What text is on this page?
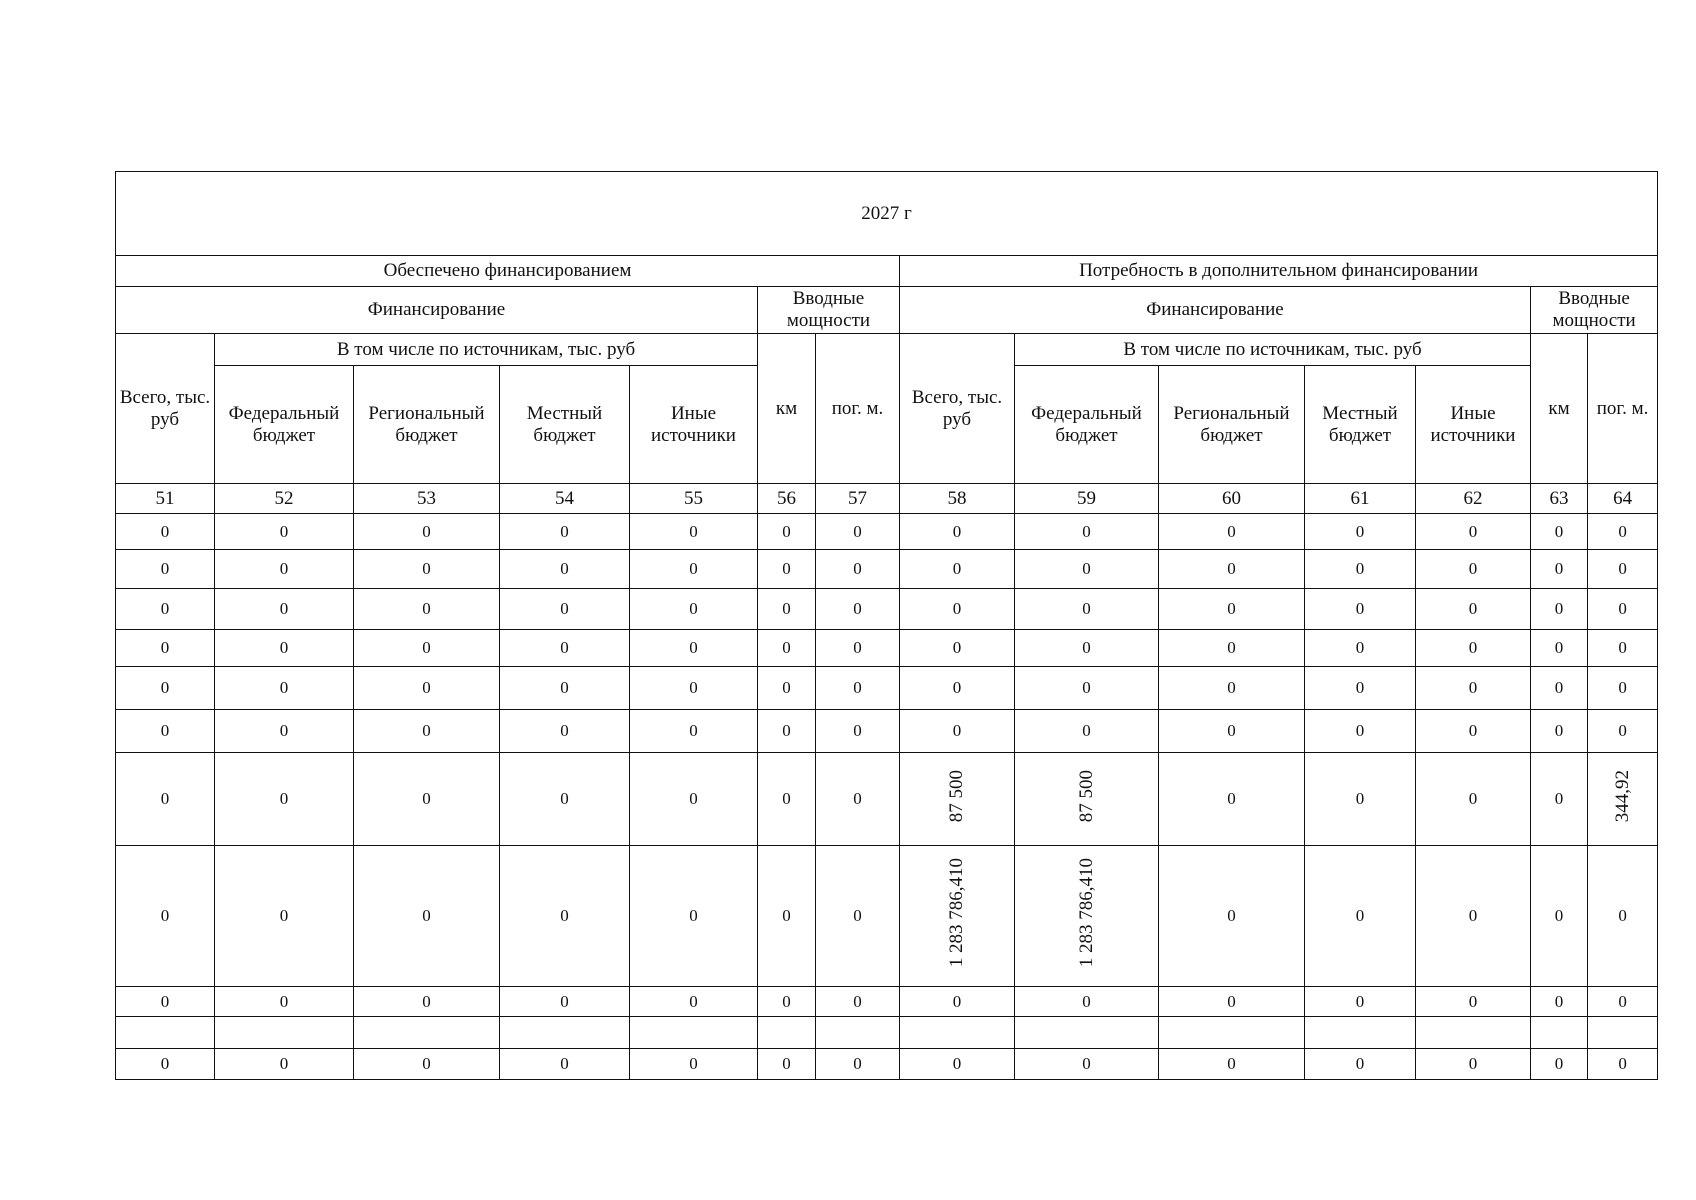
2027 г													
Обеспечено финансированием							Потребность в дополнительном финансировании						
Финансирование					Вводные мощности		Финансирование					Вводные мощности	
Всего, тыс. руб	В том числе по источникам, тыс. руб				км	пог. м.	Всего, тыс. руб	В том числе по источникам, тыс. руб				км	пог. м.
	Федеральный бюджет	Региональный бюджет	Местный бюджет	Иные источники				Федеральный бюджет	Региональный бюджет	Местный бюджет	Иные источники		
51	52	53	54	55	56	57	58	59	60	61	62	63	64
0	0	0	0	0	0	0	0	0	0	0	0	0	0
0	0	0	0	0	0	0	0	0	0	0	0	0	0
0	0	0	0	0	0	0	0	0	0	0	0	0	0
0	0	0	0	0	0	0	0	0	0	0	0	0	0
0	0	0	0	0	0	0	0	0	0	0	0	0	0
0	0	0	0	0	0	0	0	0	0	0	0	0	0
0	0	0	0	0	0	0	87 500	87 500	0	0	0	0	344,92
0	0	0	0	0	0	0	1 283 786,410	1 283 786,410	0	0	0	0	0
0	0	0	0	0	0	0	0	0	0	0	0	0	0

0	0	0	0	0	0	0	0	0	0	0	0	0	0
